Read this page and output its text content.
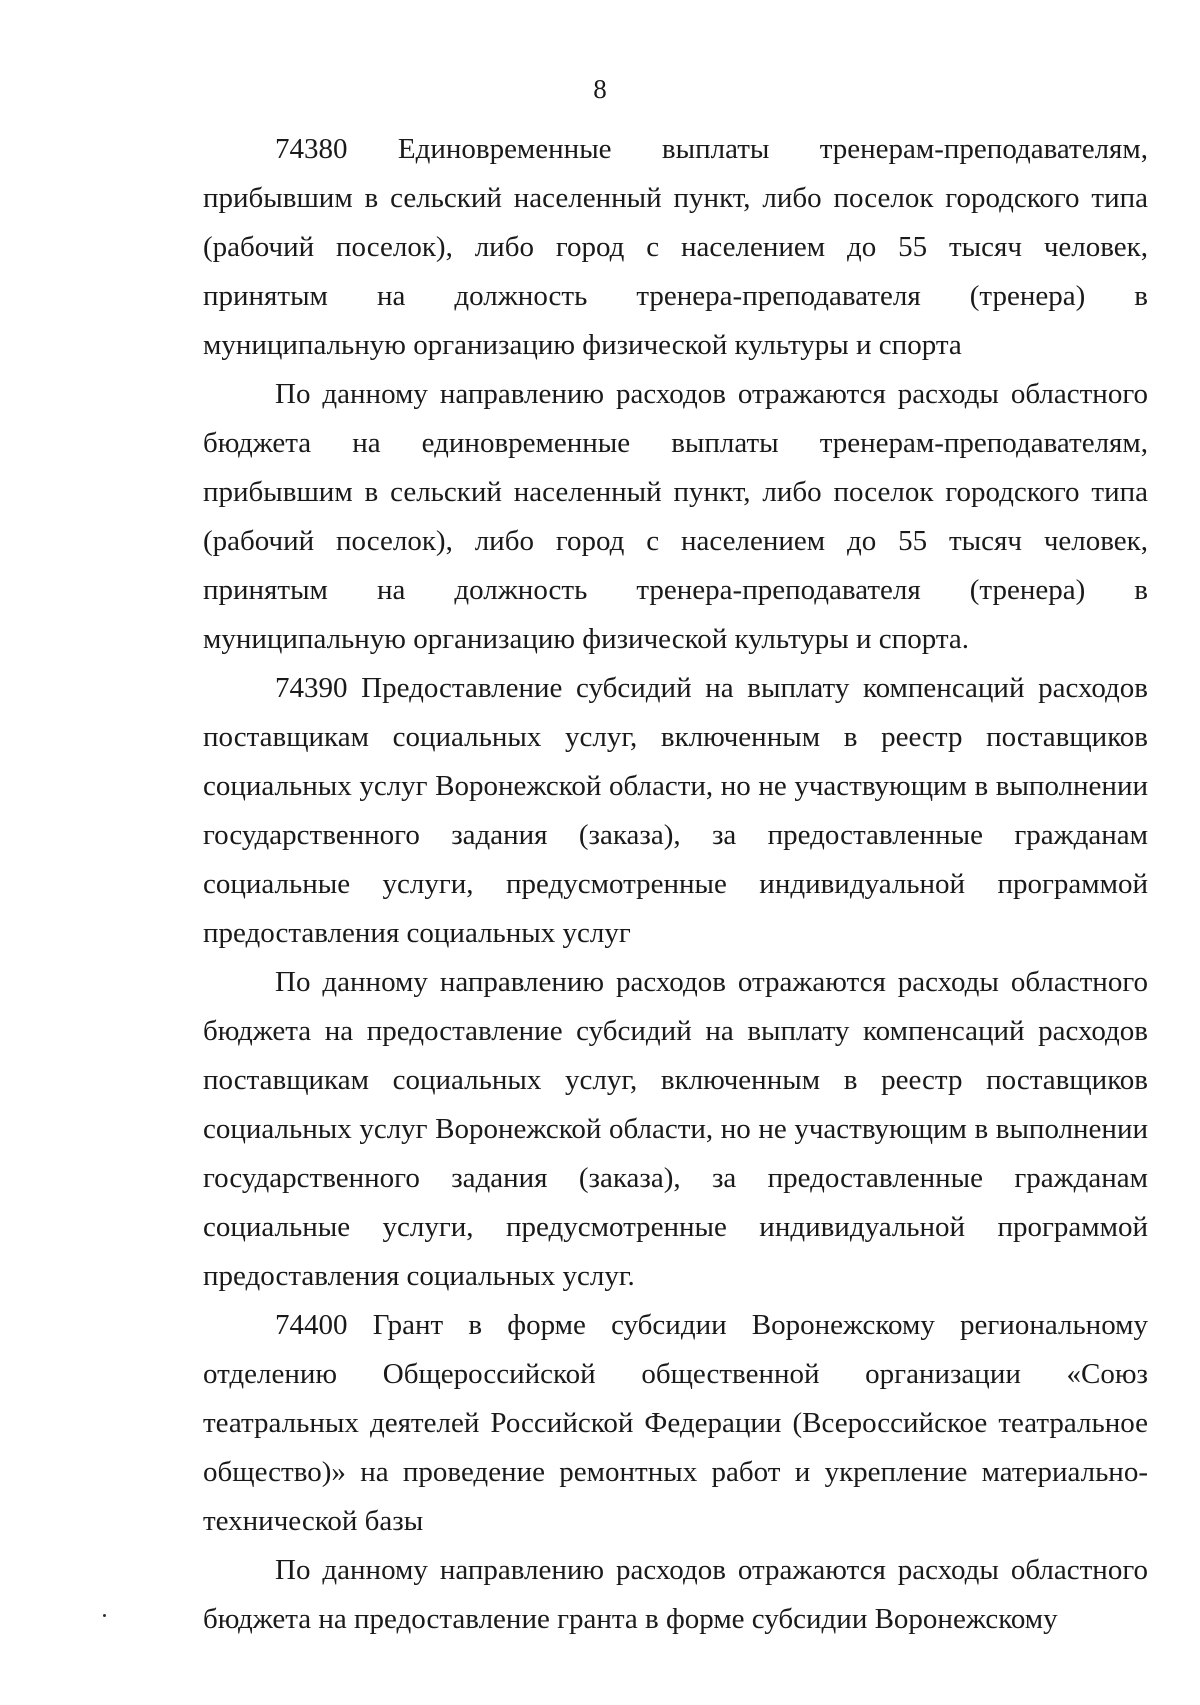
8

74380 Единовременные выплаты тренерам-преподавателям, прибывшим в сельский населенный пункт, либо поселок городского типа (рабочий поселок), либо город с населением до 55 тысяч человек, принятым на должность тренера-преподавателя (тренера) в муниципальную организацию физической культуры и спорта

По данному направлению расходов отражаются расходы областного бюджета на единовременные выплаты тренерам-преподавателям, прибывшим в сельский населенный пункт, либо поселок городского типа (рабочий поселок), либо город с населением до 55 тысяч человек, принятым на должность тренера-преподавателя (тренера) в муниципальную организацию физической культуры и спорта.

74390 Предоставление субсидий на выплату компенсаций расходов поставщикам социальных услуг, включенным в реестр поставщиков социальных услуг Воронежской области, но не участвующим в выполнении государственного задания (заказа), за предоставленные гражданам социальные услуги, предусмотренные индивидуальной программой предоставления социальных услуг

По данному направлению расходов отражаются расходы областного бюджета на предоставление субсидий на выплату компенсаций расходов поставщикам социальных услуг, включенным в реестр поставщиков социальных услуг Воронежской области, но не участвующим в выполнении государственного задания (заказа), за предоставленные гражданам социальные услуги, предусмотренные индивидуальной программой предоставления социальных услуг.

74400 Грант в форме субсидии Воронежскому региональному отделению Общероссийской общественной организации «Союз театральных деятелей Российской Федерации (Всероссийское театральное общество)» на проведение ремонтных работ и укрепление материально-технической базы

По данному направлению расходов отражаются расходы областного бюджета на предоставление гранта в форме субсидии Воронежскому
